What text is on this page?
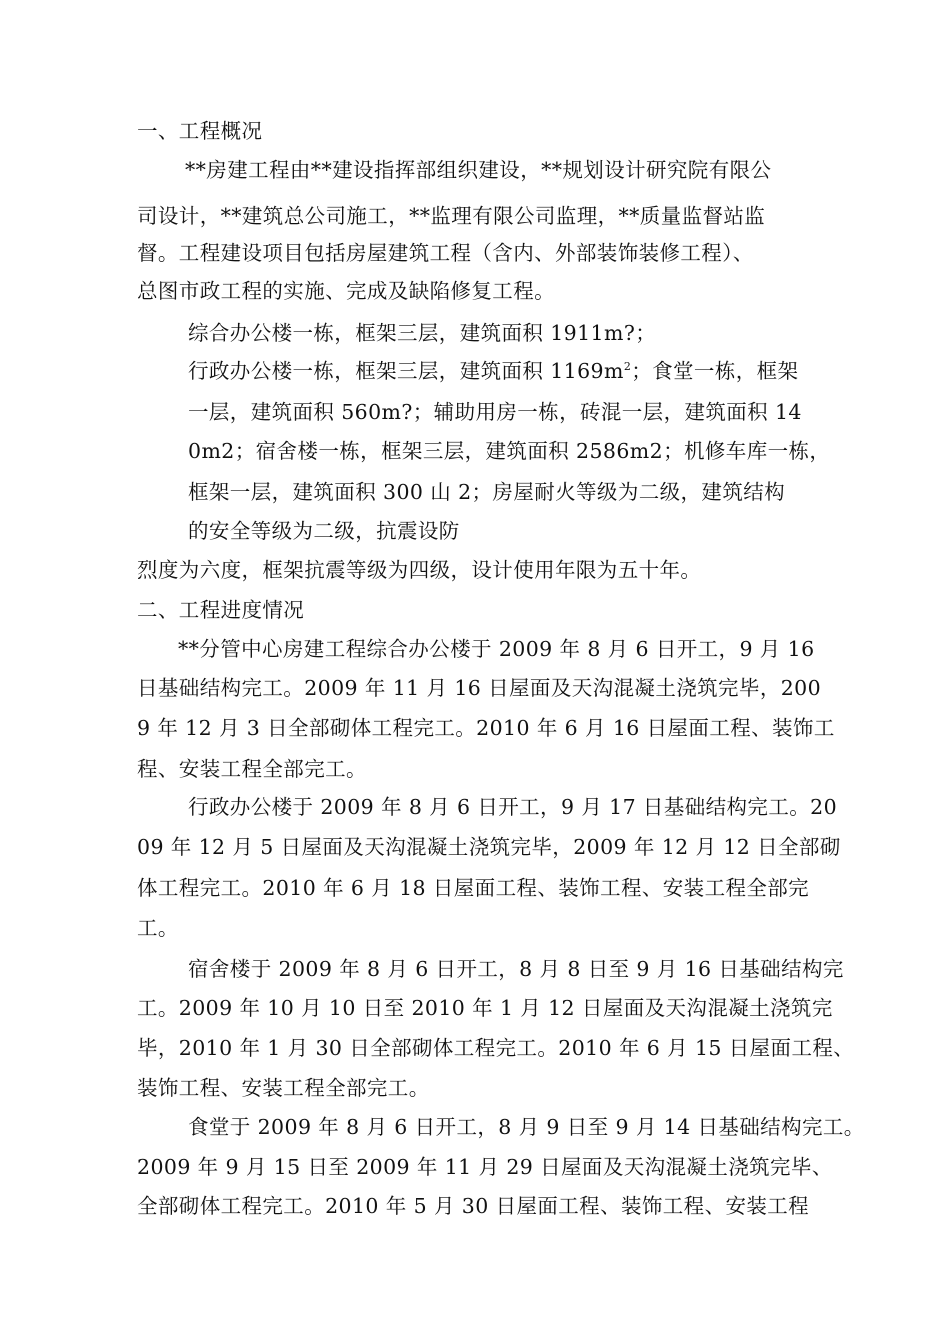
一、工程概况
**房建工程由**建设指挥部组织建设，**规划设计研究院有限公
司设计，**建筑总公司施工，**监理有限公司监理，**质量监督站监
督。工程建设项目包括房屋建筑工程（含内、外部装饰装修工程）、
总图市政工程的实施、完成及缺陷修复工程。
综合办公楼一栋，框架三层，建筑面积 1911m?；
行政办公楼一栋，框架三层，建筑面积 $1169m^2$；食堂一栋，框架
一层，建筑面积 560m?；辅助用房一栋，砖混一层，建筑面积 14
0m2；宿舍楼一栋，框架三层，建筑面积 2586m2；机修车库一栋，
框架一层，建筑面积 300 山 2；房屋耐火等级为二级，建筑结构
的安全等级为二级，抗震设防
烈度为六度，框架抗震等级为四级，设计使用年限为五十年。
二、工程进度情况
**分管中心房建工程综合办公楼于 2009 年 8 月 6 日开工，9 月 16
日基础结构完工。2009 年 11 月 16 日屋面及天沟混凝土浇筑完毕，200
9 年 12 月 3 日全部砌体工程完工。2010 年 6 月 16 日屋面工程、装饰工
程、安装工程全部完工。
行政办公楼于 2009 年 8 月 6 日开工，9 月 17 日基础结构完工。20
09 年 12 月 5 日屋面及天沟混凝土浇筑完毕，2009 年 12 月 12 日全部砌
体工程完工。2010 年 6 月 18 日屋面工程、装饰工程、安装工程全部完
工。
宿舍楼于 2009 年 8 月 6 日开工，8 月 8 日至 9 月 16 日基础结构完
工。2009 年 10 月 10 日至 2010 年 1 月 12 日屋面及天沟混凝土浇筑完
毕，2010 年 1 月 30 日全部砌体工程完工。2010 年 6 月 15 日屋面工程、
装饰工程、安装工程全部完工。
食堂于 2009 年 8 月 6 日开工，8 月 9 日至 9 月 14 日基础结构完工。
2009 年 9 月 15 日至 2009 年 11 月 29 日屋面及天沟混凝土浇筑完毕、
全部砌体工程完工。2010 年 5 月 30 日屋面工程、装饰工程、安装工程
